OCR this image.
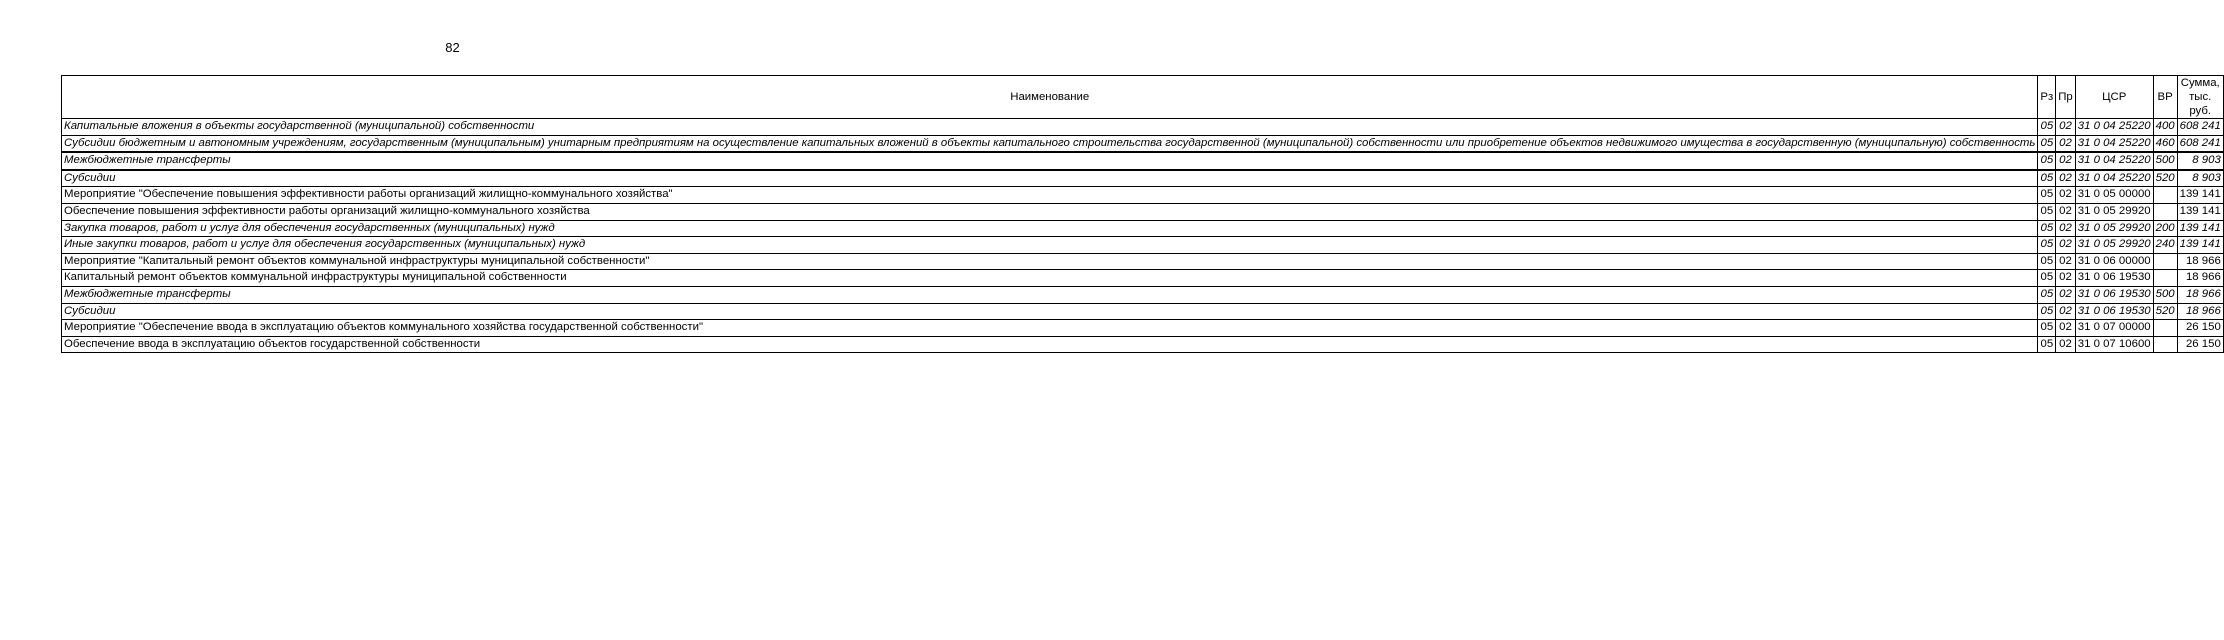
82
Наименование	Рз	Пр	ЦСР	ВР	Сумма,
тыс. руб.
Капитальные вложения в объекты государственной (муниципальной) собственности	05	02	31 0 04 25220	400	608 241
Субсидии бюджетным и автономным учреждениям, государственным (муниципальным) унитарным предприятиям на осуществление капитальных вложений в объекты капитального строительства государственной (муниципальной) собственности или приобретение объектов недвижимого имущества в государственную (муниципальную) собственность	05	02	31 0 04 25220	460	608 241
Межбюджетные трансферты	05	02	31 0 04 25220	500	8 903
Субсидии	05	02	31 0 04 25220	520	8 903
Мероприятие "Обеспечение повышения эффективности работы организаций жилищно-коммунального хозяйства"	05	02	31 0 05 00000		139 141
Обеспечение повышения эффективности работы организаций жилищно-коммунального хозяйства	05	02	31 0 05 29920		139 141
Закупка товаров, работ и услуг для обеспечения государственных (муниципальных) нужд	05	02	31 0 05 29920	200	139 141
Иные закупки товаров, работ и услуг для обеспечения государственных (муниципальных) нужд	05	02	31 0 05 29920	240	139 141
Мероприятие "Капитальный ремонт объектов коммунальной инфраструктуры муниципальной собственности"	05	02	31 0 06 00000		18 966
Капитальный ремонт объектов коммунальной инфраструктуры муниципальной собственности	05	02	31 0 06 19530		18 966
Межбюджетные трансферты	05	02	31 0 06 19530	500	18 966
Субсидии	05	02	31 0 06 19530	520	18 966
Мероприятие "Обеспечение ввода в эксплуатацию объектов коммунального хозяйства государственной собственности"	05	02	31 0 07 00000		26 150
Обеспечение ввода в эксплуатацию объектов государственной собственности	05	02	31 0 07 10600		26 150
